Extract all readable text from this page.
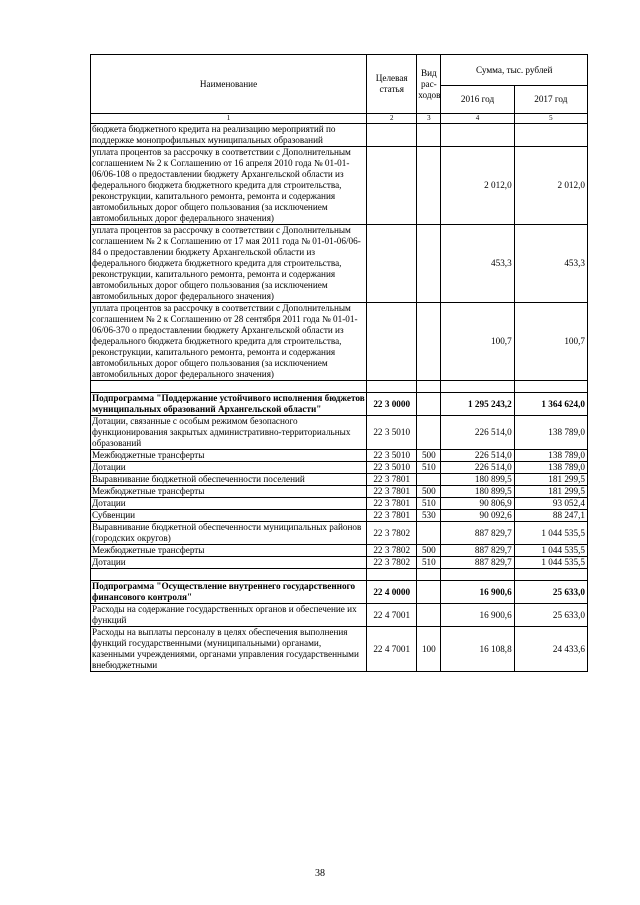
Наименование	Целевая статья	Вид рас-ходов	Сумма, тыс. рублей	
			2016 год	2017 год
1	2	3	4	5
бюджета бюджетного кредита на реализацию мероприятий по поддержке монопрофильных муниципальных образований				
уплата процентов за рассрочку в соответствии с Дополнительным соглашением № 2 к Соглашению от 16 апреля 2010 года № 01-01-06/06-108 о предоставлении бюджету Архангельской области из федерального бюджета бюджетного кредита для строительства, реконструкции, капитального ремонта, ремонта и содержания автомобильных дорог общего пользования (за исключением автомобильных дорог федерального значения)			2 012,0	2 012,0
уплата процентов за рассрочку в соответствии с Дополнительным соглашением № 2 к Соглашению от 17 мая 2011 года № 01-01-06/06-84 о предоставлении бюджету Архангельской области из федерального бюджета бюджетного кредита для строительства, реконструкции, капитального ремонта, ремонта и содержания автомобильных дорог общего пользования (за исключением автомобильных дорог федерального значения)			453,3	453,3
уплата процентов за рассрочку в соответствии с Дополнительным соглашением № 2 к Соглашению от 28 сентября 2011 года № 01-01-06/06-370 о предоставлении бюджету Архангельской области из федерального бюджета бюджетного кредита для строительства, реконструкции, капитального ремонта, ремонта и содержания автомобильных дорог общего пользования (за исключением автомобильных дорог федерального значения)			100,7	100,7

Подпрограмма "Поддержание устойчивого исполнения бюджетов муниципальных образований Архангельской области"	22 3 0000		1 295 243,2	1 364 624,0
Дотации, связанные с особым режимом безопасного функционирования закрытых административно-территориальных образований	22 3 5010		226 514,0	138 789,0
Межбюджетные трансферты	22 3 5010	500	226 514,0	138 789,0
Дотации	22 3 5010	510	226 514,0	138 789,0
Выравнивание бюджетной обеспеченности поселений	22 3 7801		180 899,5	181 299,5
Межбюджетные трансферты	22 3 7801	500	180 899,5	181 299,5
Дотации	22 3 7801	510	90 806,9	93 052,4
Субвенции	22 3 7801	530	90 092,6	88 247,1
Выравнивание бюджетной обеспеченности муниципальных районов (городских округов)	22 3 7802		887 829,7	1 044 535,5
Межбюджетные трансферты	22 3 7802	500	887 829,7	1 044 535,5
Дотации	22 3 7802	510	887 829,7	1 044 535,5

Подпрограмма "Осуществление внутреннего государственного финансового контроля"	22 4 0000		16 900,6	25 633,0
Расходы на содержание государственных органов и обеспечение их функций	22 4 7001		16 900,6	25 633,0
Расходы на выплаты персоналу в целях обеспечения выполнения функций государственными (муниципальными) органами, казенными учреждениями, органами управления государственными внебюджетными	22 4 7001	100	16 108,8	24 433,6
38
